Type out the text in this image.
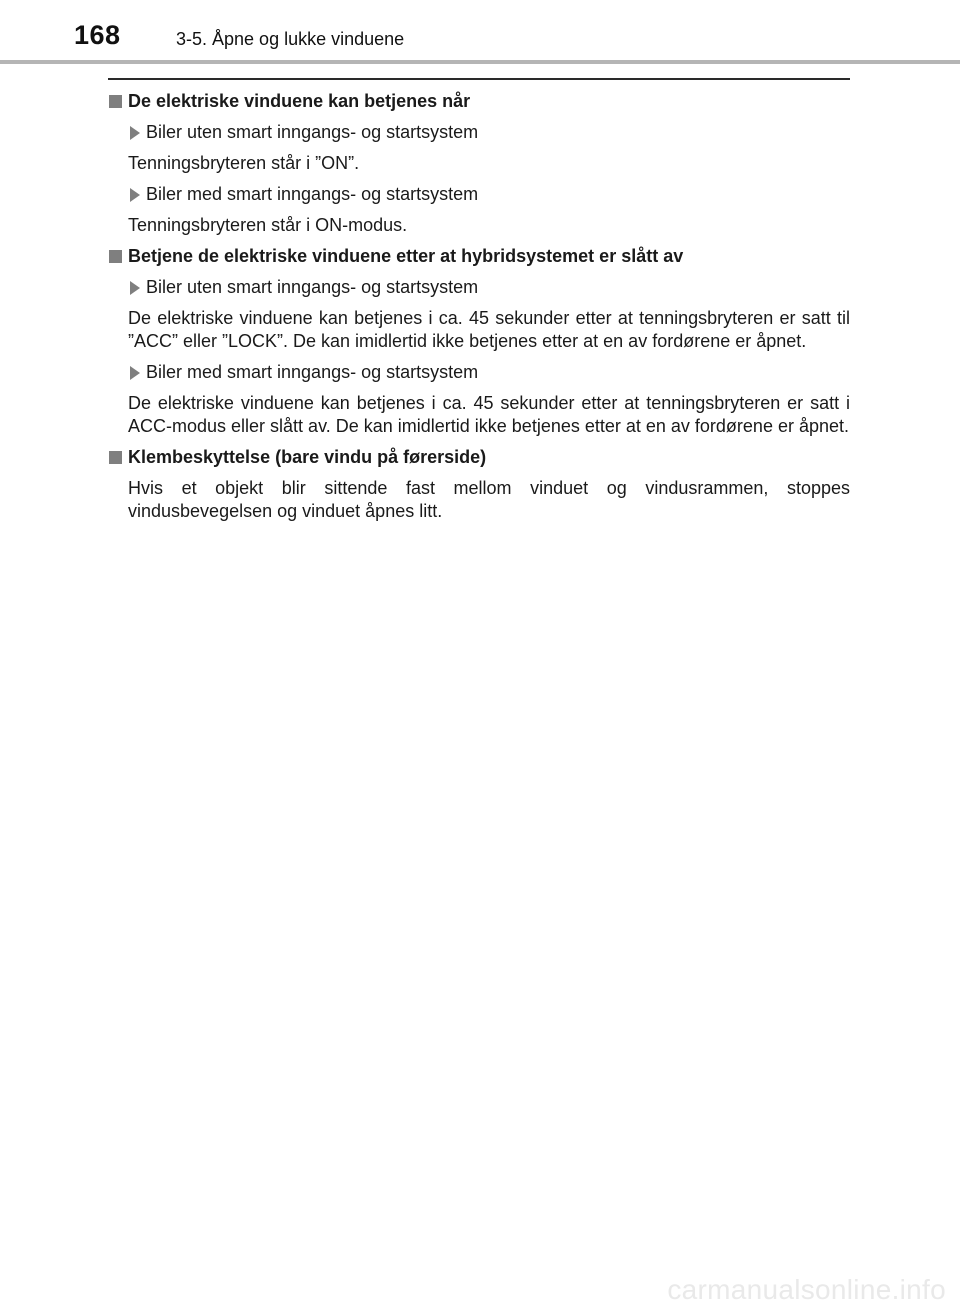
168	3-5. Åpne og lukke vinduene
De elektriske vinduene kan betjenes når
Biler uten smart inngangs- og startsystem
Tenningsbryteren står i ”ON”.
Biler med smart inngangs- og startsystem
Tenningsbryteren står i ON-modus.
Betjene de elektriske vinduene etter at hybridsystemet er slått av
Biler uten smart inngangs- og startsystem
De elektriske vinduene kan betjenes i ca. 45 sekunder etter at tenningsbryteren er satt til ”ACC” eller ”LOCK”. De kan imidlertid ikke betjenes etter at en av fordørene er åpnet.
Biler med smart inngangs- og startsystem
De elektriske vinduene kan betjenes i ca. 45 sekunder etter at tenningsbryteren er satt i ACC-modus eller slått av. De kan imidlertid ikke betjenes etter at en av fordørene er åpnet.
Klembeskyttelse (bare vindu på førerside)
Hvis et objekt blir sittende fast mellom vinduet og vindusrammen, stoppes vindusbevegelsen og vinduet åpnes litt.
carmanualsonline.info
